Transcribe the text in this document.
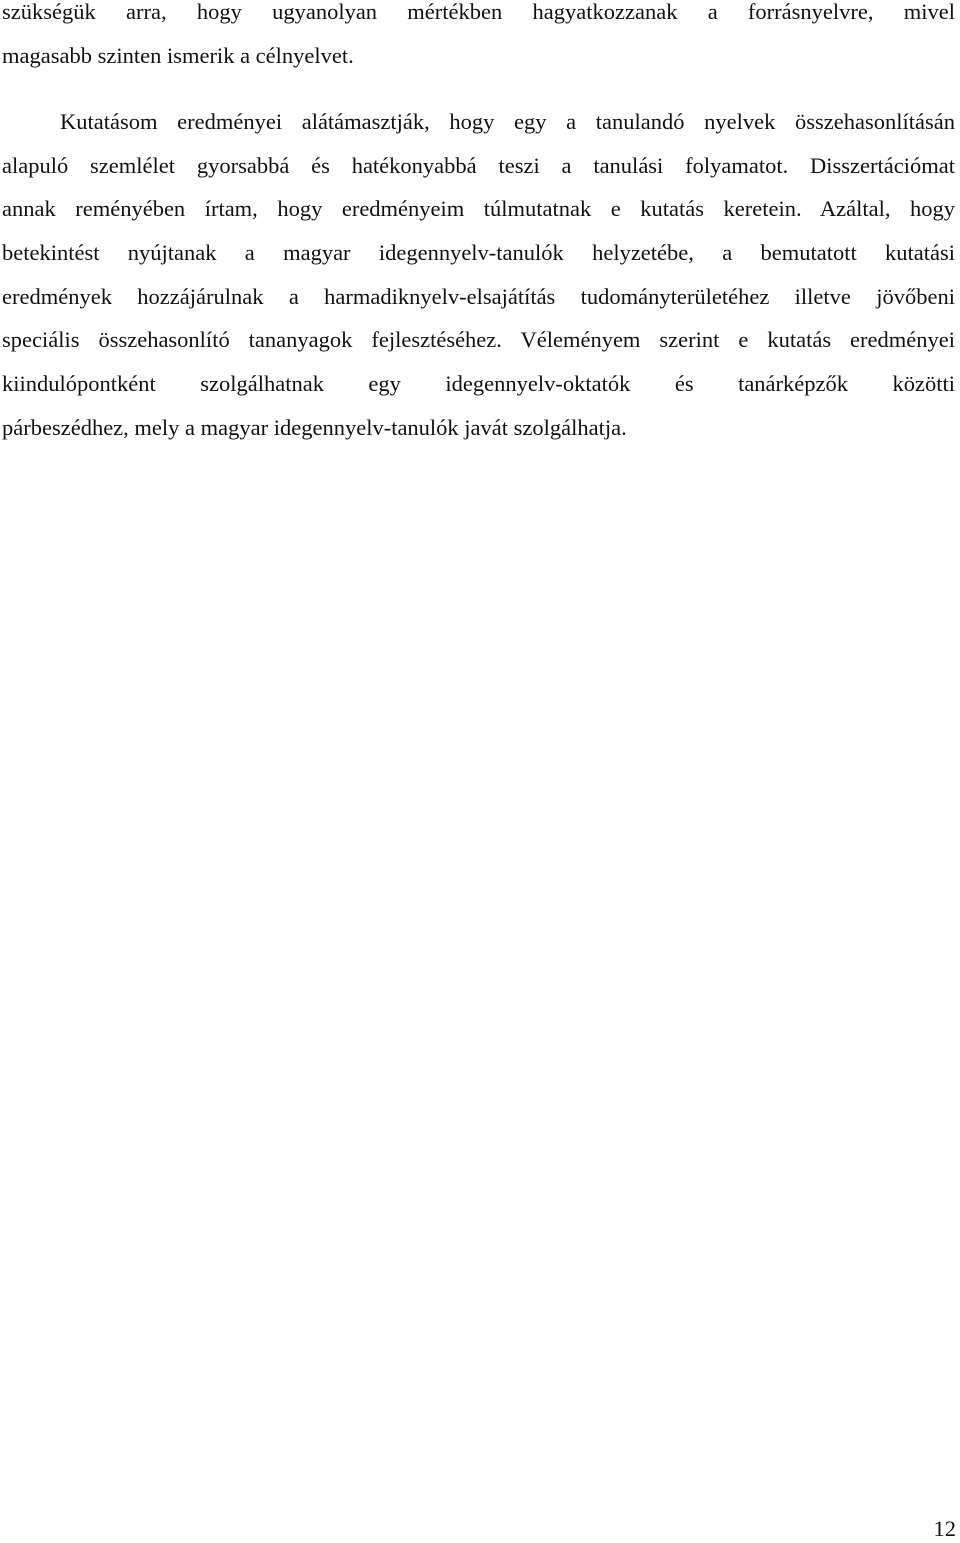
szükségük arra, hogy ugyanolyan mértékben hagyatkozzanak a forrásnyelvre, mivel
magasabb szinten ismerik a célnyelvet.
Kutatásom eredményei alátámasztják, hogy egy a tanulandó nyelvek összehasonlításán
alapuló szemlélet gyorsabbá és hatékonyabbá teszi a tanulási folyamatot. Disszertációmat
annak reményében írtam, hogy eredményeim túlmutatnak e kutatás keretein. Azáltal, hogy
betekintést nyújtanak a magyar idegennyelv-tanulók helyzetébe, a bemutatott kutatási
eredmények hozzájárulnak a harmadiknyelv-elsajátítás tudományterületéhez illetve jövőbeni
speciális összehasonlító tananyagok fejlesztéséhez. Véleményem szerint e kutatás eredményei
kiindulópontként szolgálhatnak egy idegennyelv-oktatók és tanárképzők közötti
párbeszédhez, mely a magyar idegennyelv-tanulók javát szolgálhatja.
12
